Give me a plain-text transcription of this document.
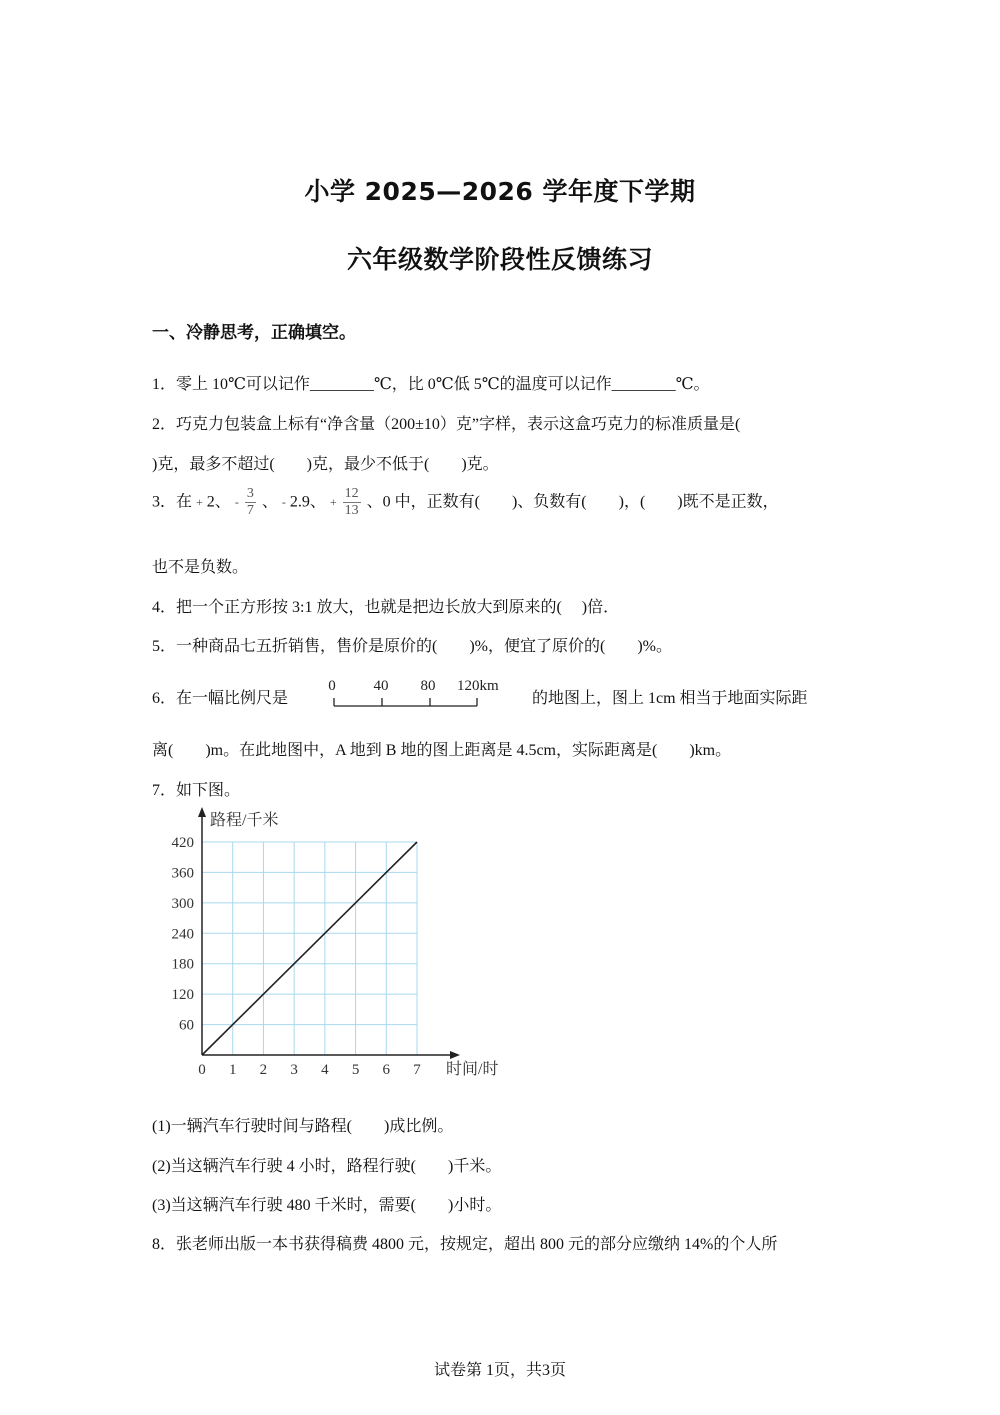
小学 2025—2026 学年度下学期
六年级数学阶段性反馈练习
一、冷静思考，正确填空。
1．零上 10℃可以记作________℃，比 0℃低 5℃的温度可以记作________℃。
2．巧克力包装盒上标有“净含量（200±10）克”字样，表示这盒巧克力的标准质量是(
)克，最多不超过(　　)克，最少不低于(　　)克。
3．在 + 2、 - $\frac{3}{7}$ 、 - 2.9、 + $\frac{12}{13}$ 、0 中，正数有(　　)、负数有(　　)，(　　)既不是正数，
也不是负数。
4．把一个正方形按 3:1 放大，也就是把边长放大到原来的(　 )倍．
5．一种商品七五折销售，售价是原价的(　　)%，便宜了原价的(　　)%。
6．在一幅比例尺是
0	40 80 120km
的地图上，图上 1cm 相当于地面实际距
离(　　)m。在此地图中，A 地到 B 地的图上距离是 4.5cm，实际距离是(　　)km。
7．如下图。
0 1 2 3 4 5 6 7
60
120
180
240
300
360
420
路程/千米
时间/时
(1)一辆汽车行驶时间与路程(　　)成比例。
(2)当这辆汽车行驶 4 小时，路程行驶(　　)千米。
(3)当这辆汽车行驶 480 千米时，需要(　　)小时。
8．张老师出版一本书获得稿费 4800 元，按规定，超出 800 元的部分应缴纳 14%的个人所
试卷第 1页，共3页
